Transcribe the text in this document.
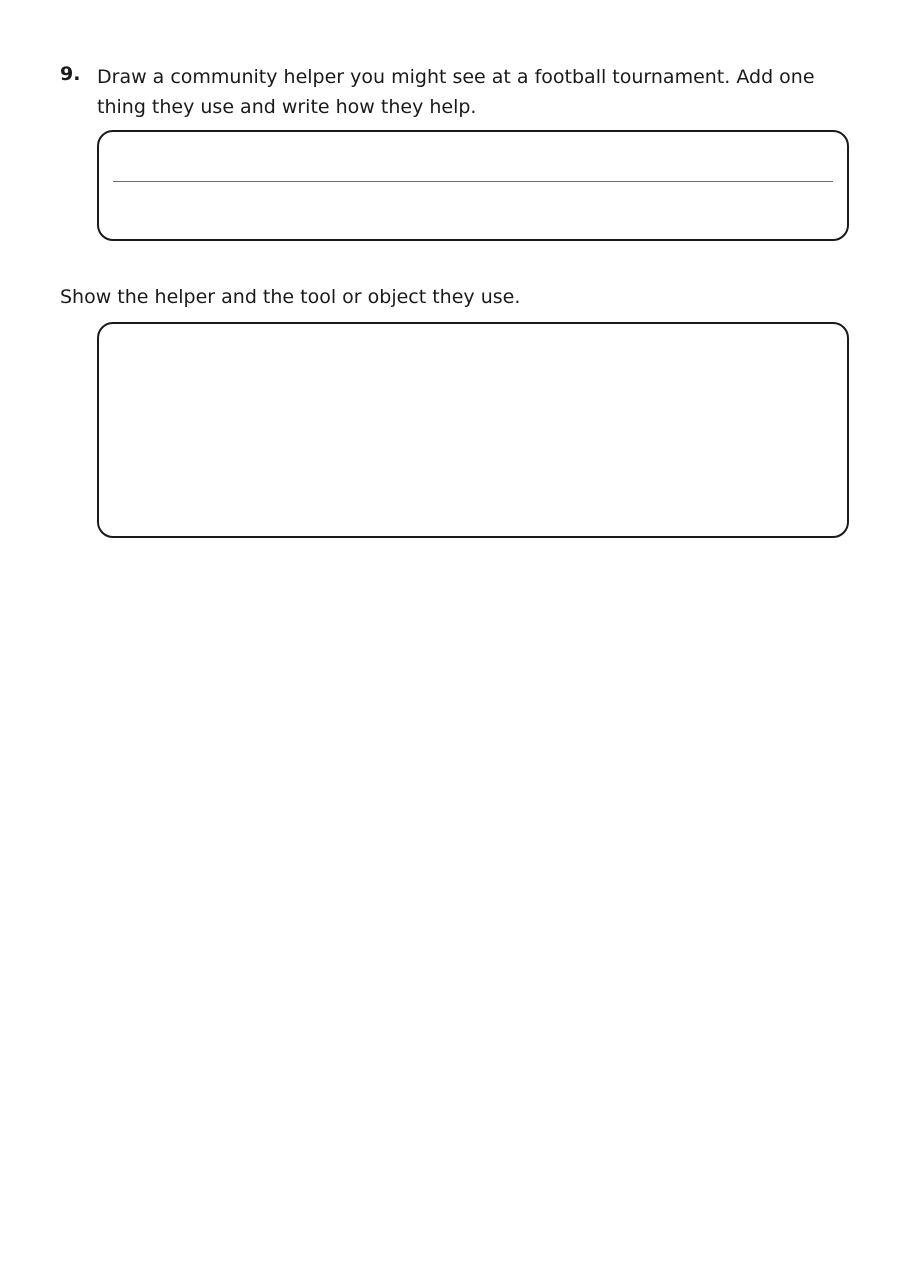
9. Draw a community helper you might see at a football tournament. Add one thing they use and write how they help.
Show the helper and the tool or object they use.
